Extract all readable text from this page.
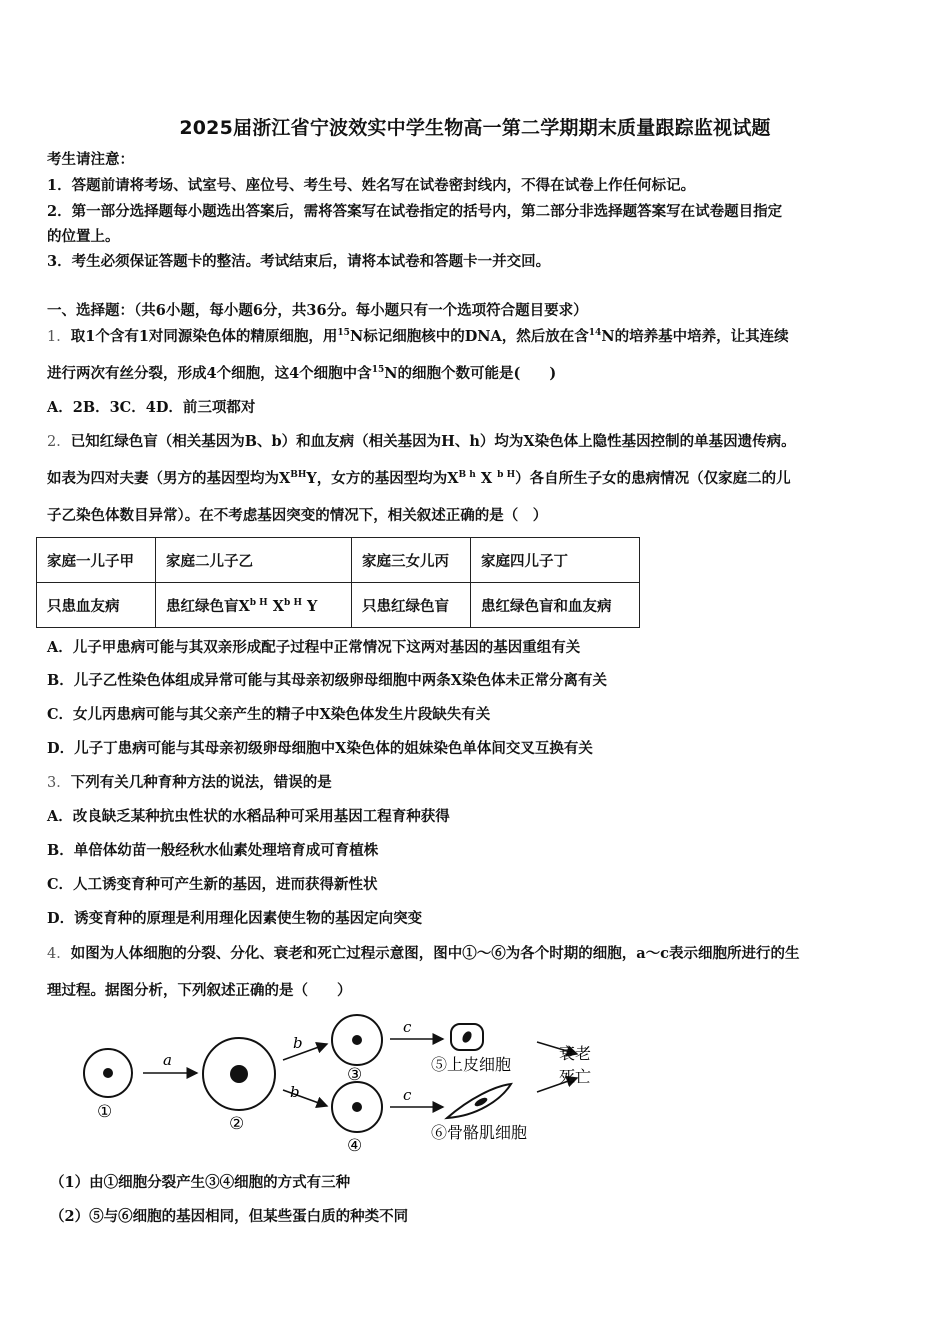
2025届浙江省宁波效实中学生物高一第二学期期末质量跟踪监视试题
考生请注意：
1．答题前请将考场、试室号、座位号、考生号、姓名写在试卷密封线内，不得在试卷上作任何标记。
2．第一部分选择题每小题选出答案后，需将答案写在试卷指定的括号内，第二部分非选择题答案写在试卷题目指定
的位置上。
3．考生必须保证答题卡的整洁。考试结束后，请将本试卷和答题卡一并交回。
一、选择题：（共6小题，每小题6分，共36分。每小题只有一个选项符合题目要求）
1．取1个含有1对同源染色体的精原细胞，用$^{15}$N标记细胞核中的DNA，然后放在含$^{14}$N的培养基中培养，让其连续
进行两次有丝分裂，形成4个细胞，这4个细胞中含$^{15}$N的细胞个数可能是(　　)
A．2B．3C．4D．前三项都对
2．已知红绿色盲（相关基因为B、b）和血友病（相关基因为H、h）均为X染色体上隐性基因控制的单基因遗传病。
如表为四对夫妻（男方的基因型均为$X^{BH}Y$，女方的基因型均为$X^{B h}$ X $^{b H}$）各自所生子女的患病情况（仅家庭二的儿
子乙染色体数目异常）。在不考虑基因突变的情况下，相关叙述正确的是（　）
家庭一儿子甲	家庭二儿子乙	家庭三女儿丙	家庭四儿子丁
只患血友病	患红绿色盲$X^{b H}$ $X^{b H}$ Y	只患红绿色盲	患红绿色盲和血友病
A．儿子甲患病可能与其双亲形成配子过程中正常情况下这两对基因的基因重组有关
B．儿子乙性染色体组成异常可能与其母亲初级卵母细胞中两条X染色体未正常分离有关
C．女儿丙患病可能与其父亲产生的精子中X染色体发生片段缺失有关
D．儿子丁患病可能与其母亲初级卵母细胞中X染色体的姐妹染色单体间交叉互换有关
3．下列有关几种育种方法的说法，错误的是
A．改良缺乏某种抗虫性状的水稻品种可采用基因工程育种获得
B．单倍体幼苗一般经秋水仙素处理培育成可育植株
C．人工诱变育种可产生新的基因，进而获得新性状
D．诱变育种的原理是利用理化因素使生物的基因定向突变
4．如图为人体细胞的分裂、分化、衰老和死亡过程示意图，图中①～⑥为各个时期的细胞，a～c表示细胞所进行的生
理过程。据图分析，下列叙述正确的是（　　）
①
a
②
b
b
③
④
c
c
⑤上皮细胞
⑥骨骼肌细胞
衰老
死亡
（1）由①细胞分裂产生③④细胞的方式有三种
（2）⑤与⑥细胞的基因相同，但某些蛋白质的种类不同
